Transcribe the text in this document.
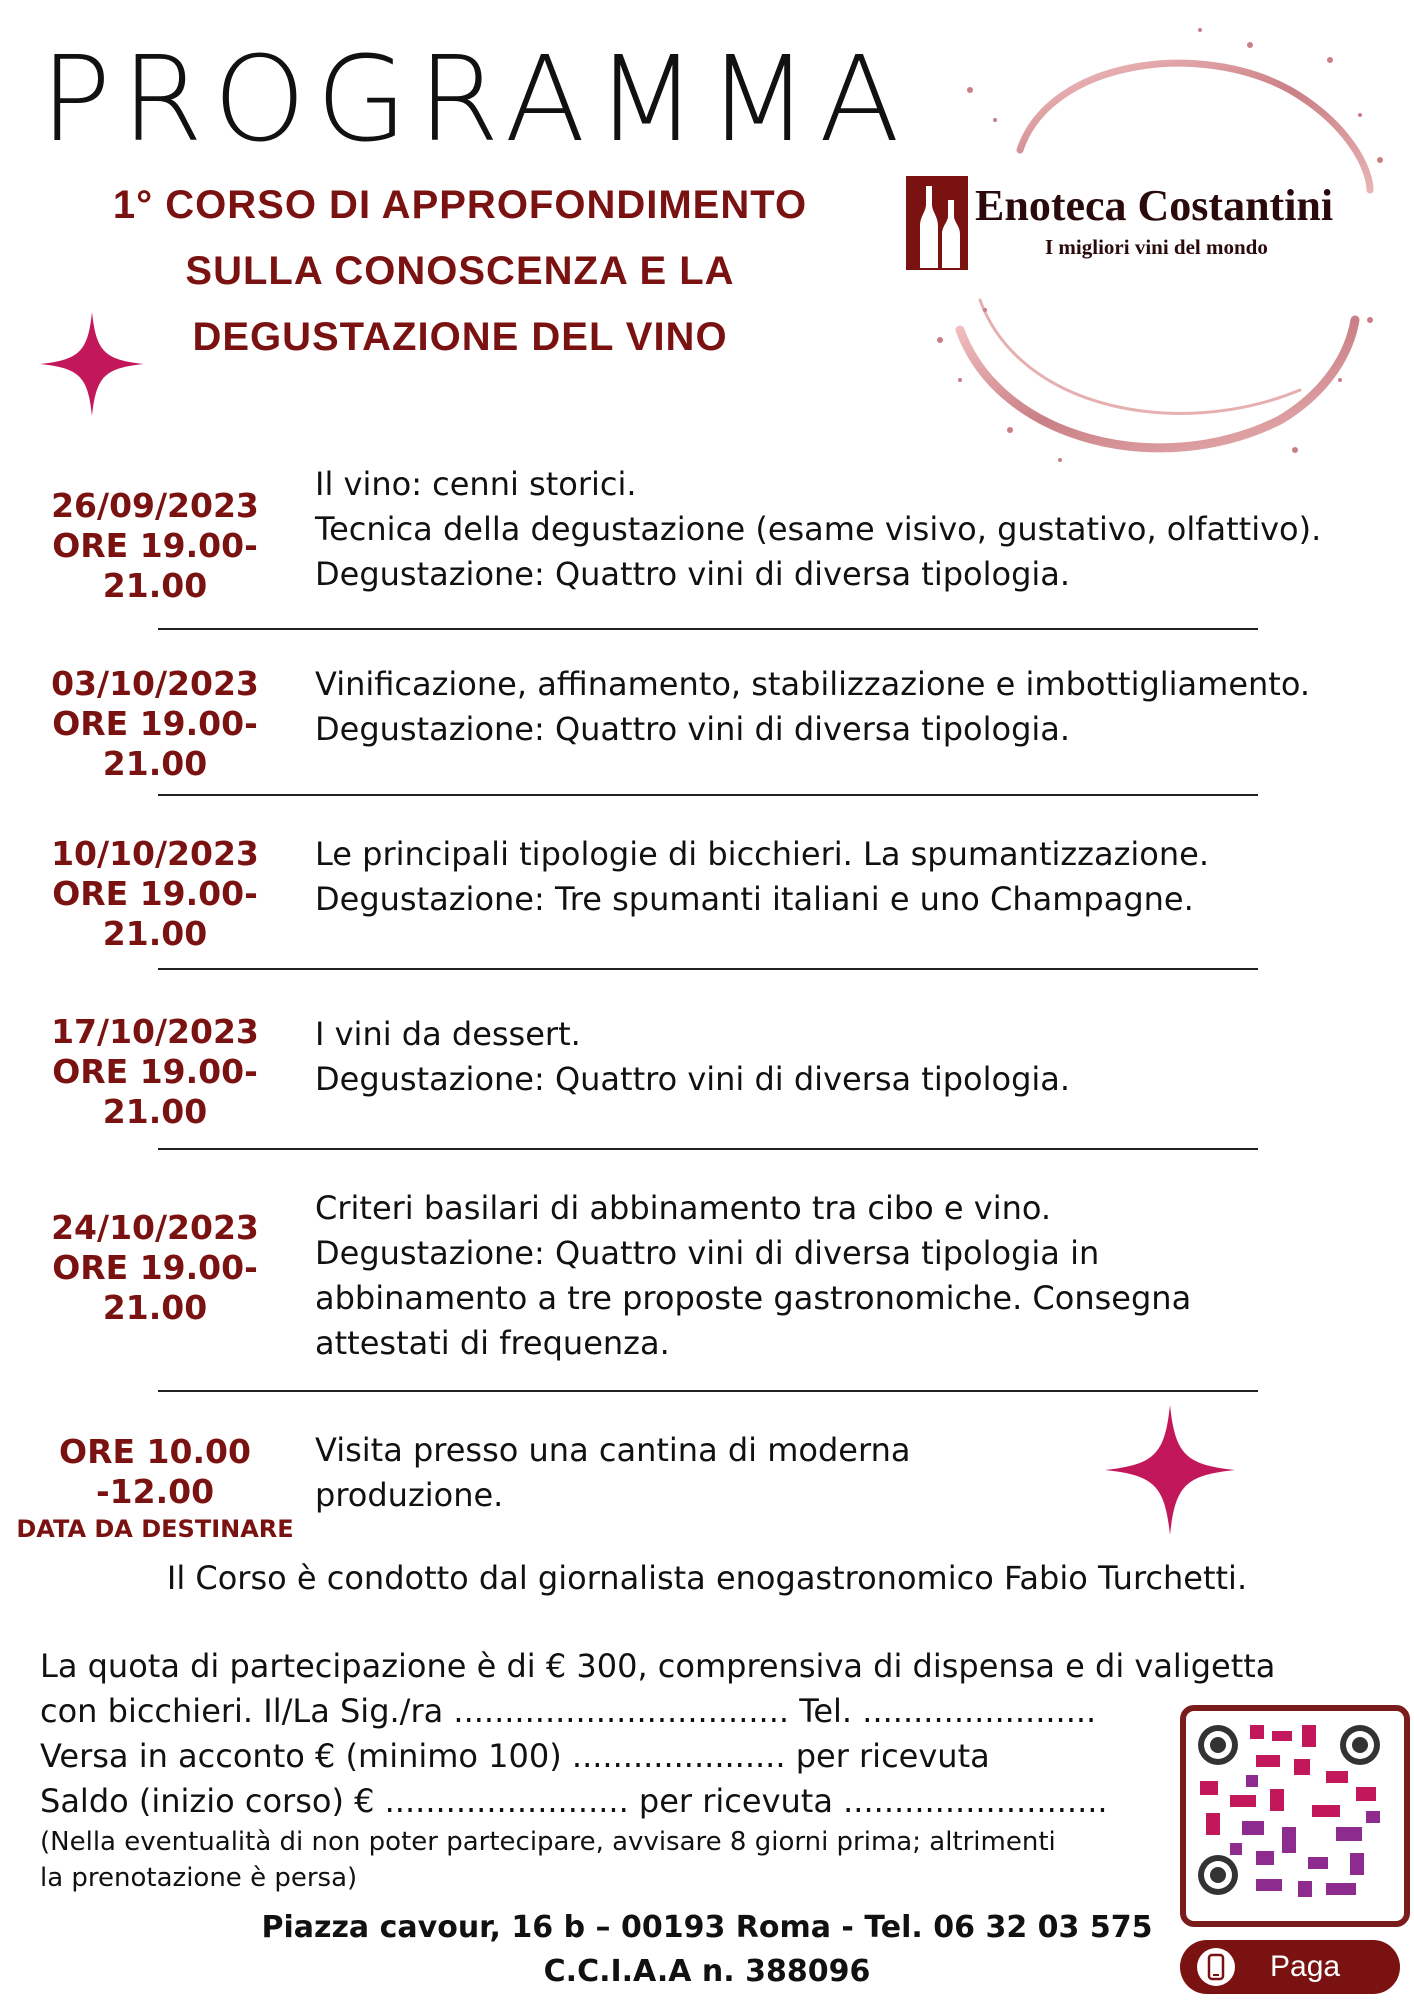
PROGRAMMA
1° CORSO DI APPROFONDIMENTO
SULLA CONOSCENZA E LA
DEGUSTAZIONE DEL VINO
Enoteca Costantini
I migliori vini del mondo
26/09/2023
ORE 19.00-21.00
Il vino: cenni storici.
Tecnica della degustazione (esame visivo, gustativo, olfattivo).
Degustazione: Quattro vini di diversa tipologia.
03/10/2023
ORE 19.00-21.00
Vinificazione, affinamento, stabilizzazione e imbottigliamento.
Degustazione: Quattro vini di diversa tipologia.
10/10/2023
ORE 19.00-21.00
Le principali tipologie di bicchieri. La spumantizzazione.
Degustazione: Tre spumanti italiani e uno Champagne.
17/10/2023
ORE 19.00-21.00
I vini da dessert.
Degustazione: Quattro vini di diversa tipologia.
24/10/2023
ORE 19.00-21.00
Criteri basilari di abbinamento tra cibo e vino.
Degustazione: Quattro vini di diversa tipologia in
abbinamento a tre proposte gastronomiche. Consegna
attestati di frequenza.
ORE 10.00 -12.00
DATA DA DESTINARE
Visita presso una cantina di moderna
produzione.
Il Corso è condotto dal giornalista enogastronomico Fabio Turchetti.
La quota di partecipazione è di € 300, comprensiva di dispensa e di valigetta
con bicchieri. Il/La Sig./ra ................................. Tel. .......................
Versa in acconto € (minimo 100) ..................... per ricevuta
Saldo (inizio corso) € ........................ per ricevuta ..........................
(Nella eventualità di non poter partecipare, avvisare 8 giorni prima; altrimenti
la prenotazione è persa)
Piazza cavour, 16 b – 00193 Roma - Tel. 06 32 03 575
C.C.I.A.A n. 388096	Paga
